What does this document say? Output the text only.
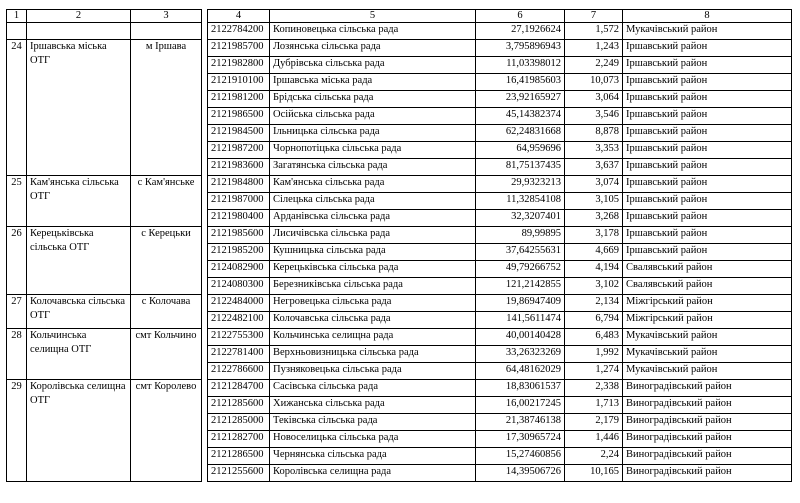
1	2	3

24	Іршавська міська ОТГ	м Іршава
25	Кам'янська сільська ОТГ	с Кам'янське
26	Керецьківська сільська ОТГ	с Керецьки
27	Колочавська сільська ОТГ	с Колочава
28	Кольчинська селищна ОТГ	смт Кольчино
29	Королівська селищна ОТГ	смт Королево
4	5	6	7	8
2122784200	Копиновецька сільська рада	27,1926624	1,572	Мукачівський район
2121985700	Лозянська сільська рада	3,795896943	1,243	Іршавський район
2121982800	Дубрівська сільська рада	11,03398012	2,249	Іршавський район
2121910100	Іршавська міська рада	16,41985603	10,073	Іршавський район
2121981200	Брідська сільська рада	23,92165927	3,064	Іршавський район
2121986500	Осійська сільська рада	45,14382374	3,546	Іршавський район
2121984500	Ільницька сільська рада	62,24831668	8,878	Іршавський район
2121987200	Чорнопотіцька сільська рада	64,959696	3,353	Іршавський район
2121983600	Загатянська сільська рада	81,75137435	3,637	Іршавський район
2121984800	Кам'янська сільська рада	29,9323213	3,074	Іршавський район
2121987000	Сілецька сільська рада	11,32854108	3,105	Іршавський район
2121980400	Арданівська сільська рада	32,3207401	3,268	Іршавський район
2121985600	Лисичівська сільська рада	89,99895	3,178	Іршавський район
2121985200	Кушницька сільська рада	37,64255631	4,669	Іршавський район
2124082900	Керецьківська сільська рада	49,79266752	4,194	Свалявський район
2124080300	Березниківська сільська рада	121,2142855	3,102	Свалявський район
2122484000	Негровецька сільська рада	19,86947409	2,134	Міжгірський район
2122482100	Колочавська сільська рада	141,5611474	6,794	Міжгірський район
2122755300	Кольчинська селищна рада	40,00140428	6,483	Мукачівський район
2122781400	Верхньовизницька сільська рада	33,26323269	1,992	Мукачівський район
2122786600	Пузняковецька сільська рада	64,48162029	1,274	Мукачівський район
2121284700	Сасівська сільська рада	18,83061537	2,338	Виноградівський район
2121285600	Хижанська сільська рада	16,00217245	1,713	Виноградівський район
2121285000	Теківська сільська рада	21,38746138	2,179	Виноградівський район
2121282700	Новоселицька сільська рада	17,30965724	1,446	Виноградівський район
2121286500	Чернянська сільська рада	15,27460856	2,24	Виноградівський район
2121255600	Королівська селищна рада	14,39506726	10,165	Виноградівський район
